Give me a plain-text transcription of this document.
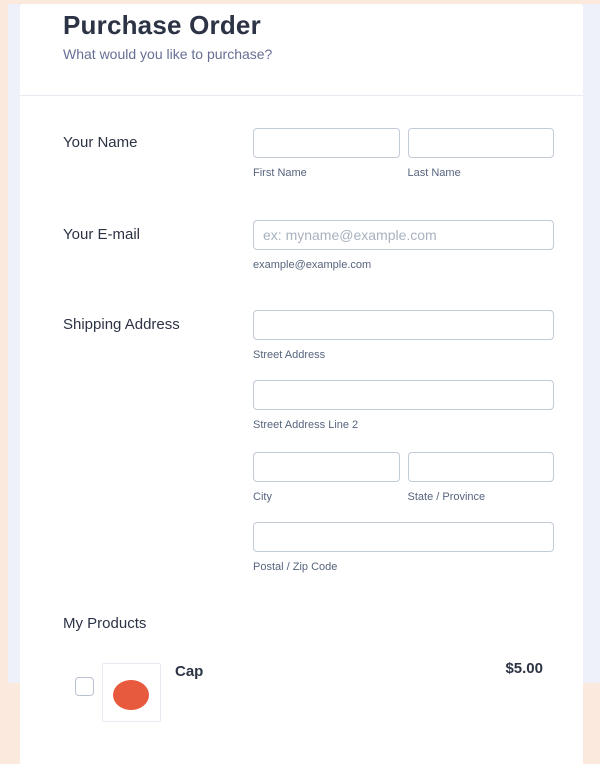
Purchase Order
What would you like to purchase?
Your Name
First Name	Last Name
Your E-mail
ex: myname@example.com
example@example.com
Shipping Address
Street Address
Street Address Line 2
City	State / Province
Postal / Zip Code
My Products
Cap	$5.00
